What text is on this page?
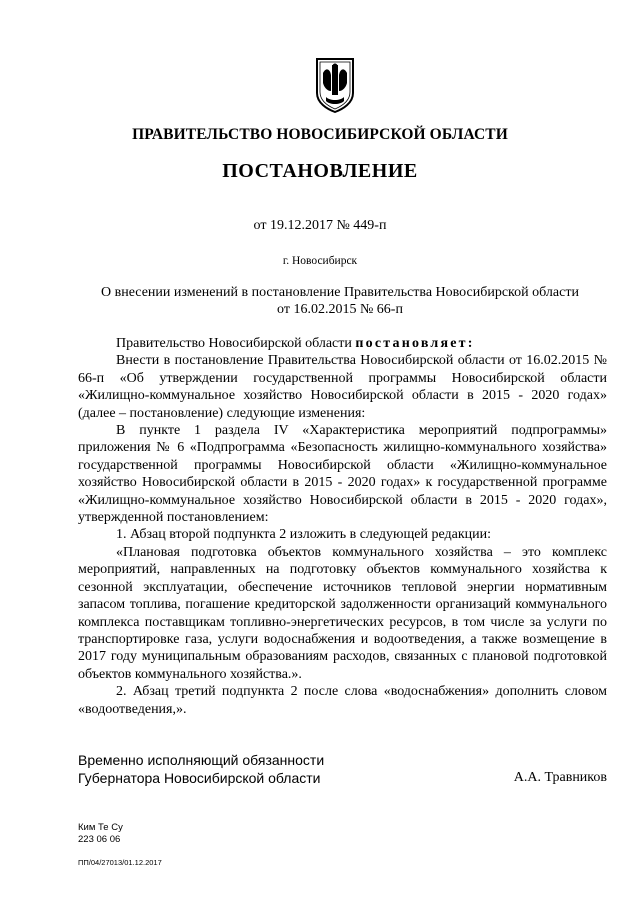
ПРАВИТЕЛЬСТВО НОВОСИБИРСКОЙ ОБЛАСТИ
ПОСТАНОВЛЕНИЕ
от 19.12.2017 № 449-п
г. Новосибирск
О внесении изменений в постановление Правительства Новосибирской области
от 16.02.2015 № 66-п

Правительство Новосибирской области постановляет:

Внести в постановление Правительства Новосибирской области от 16.02.2015 № 66-п «Об утверждении государственной программы Новосибирской области «Жилищно-коммунальное хозяйство Новосибирской области в 2015 - 2020 годах» (далее – постановление) следующие изменения:

В пункте 1 раздела IV «Характеристика мероприятий подпрограммы» приложения № 6 «Подпрограмма «Безопасность жилищно-коммунального хозяйства» государственной программы Новосибирской области «Жилищно-коммунальное хозяйство Новосибирской области в 2015 - 2020 годах» к государственной программе «Жилищно-коммунальное хозяйство Новосибирской области в 2015 - 2020 годах», утвержденной постановлением:

1. Абзац второй подпункта 2 изложить в следующей редакции:

«Плановая подготовка объектов коммунального хозяйства – это комплекс мероприятий, направленных на подготовку объектов коммунального хозяйства к сезонной эксплуатации, обеспечение источников тепловой энергии нормативным запасом топлива, погашение кредиторской задолженности организаций коммунального комплекса поставщикам топливно-энергетических ресурсов, в том числе за услуги по транспортировке газа, услуги водоснабжения и водоотведения, а также возмещение в 2017 году муниципальным образованиям расходов, связанных с плановой подготовкой объектов коммунального хозяйства.».

2. Абзац третий подпункта 2 после слова «водоснабжения» дополнить словом «водоотведения,».

Временно исполняющий обязанности
Губернатора Новосибирской области	А.А. Травников
Ким Те Су
223 06 06
ПП/04/27013/01.12.2017
